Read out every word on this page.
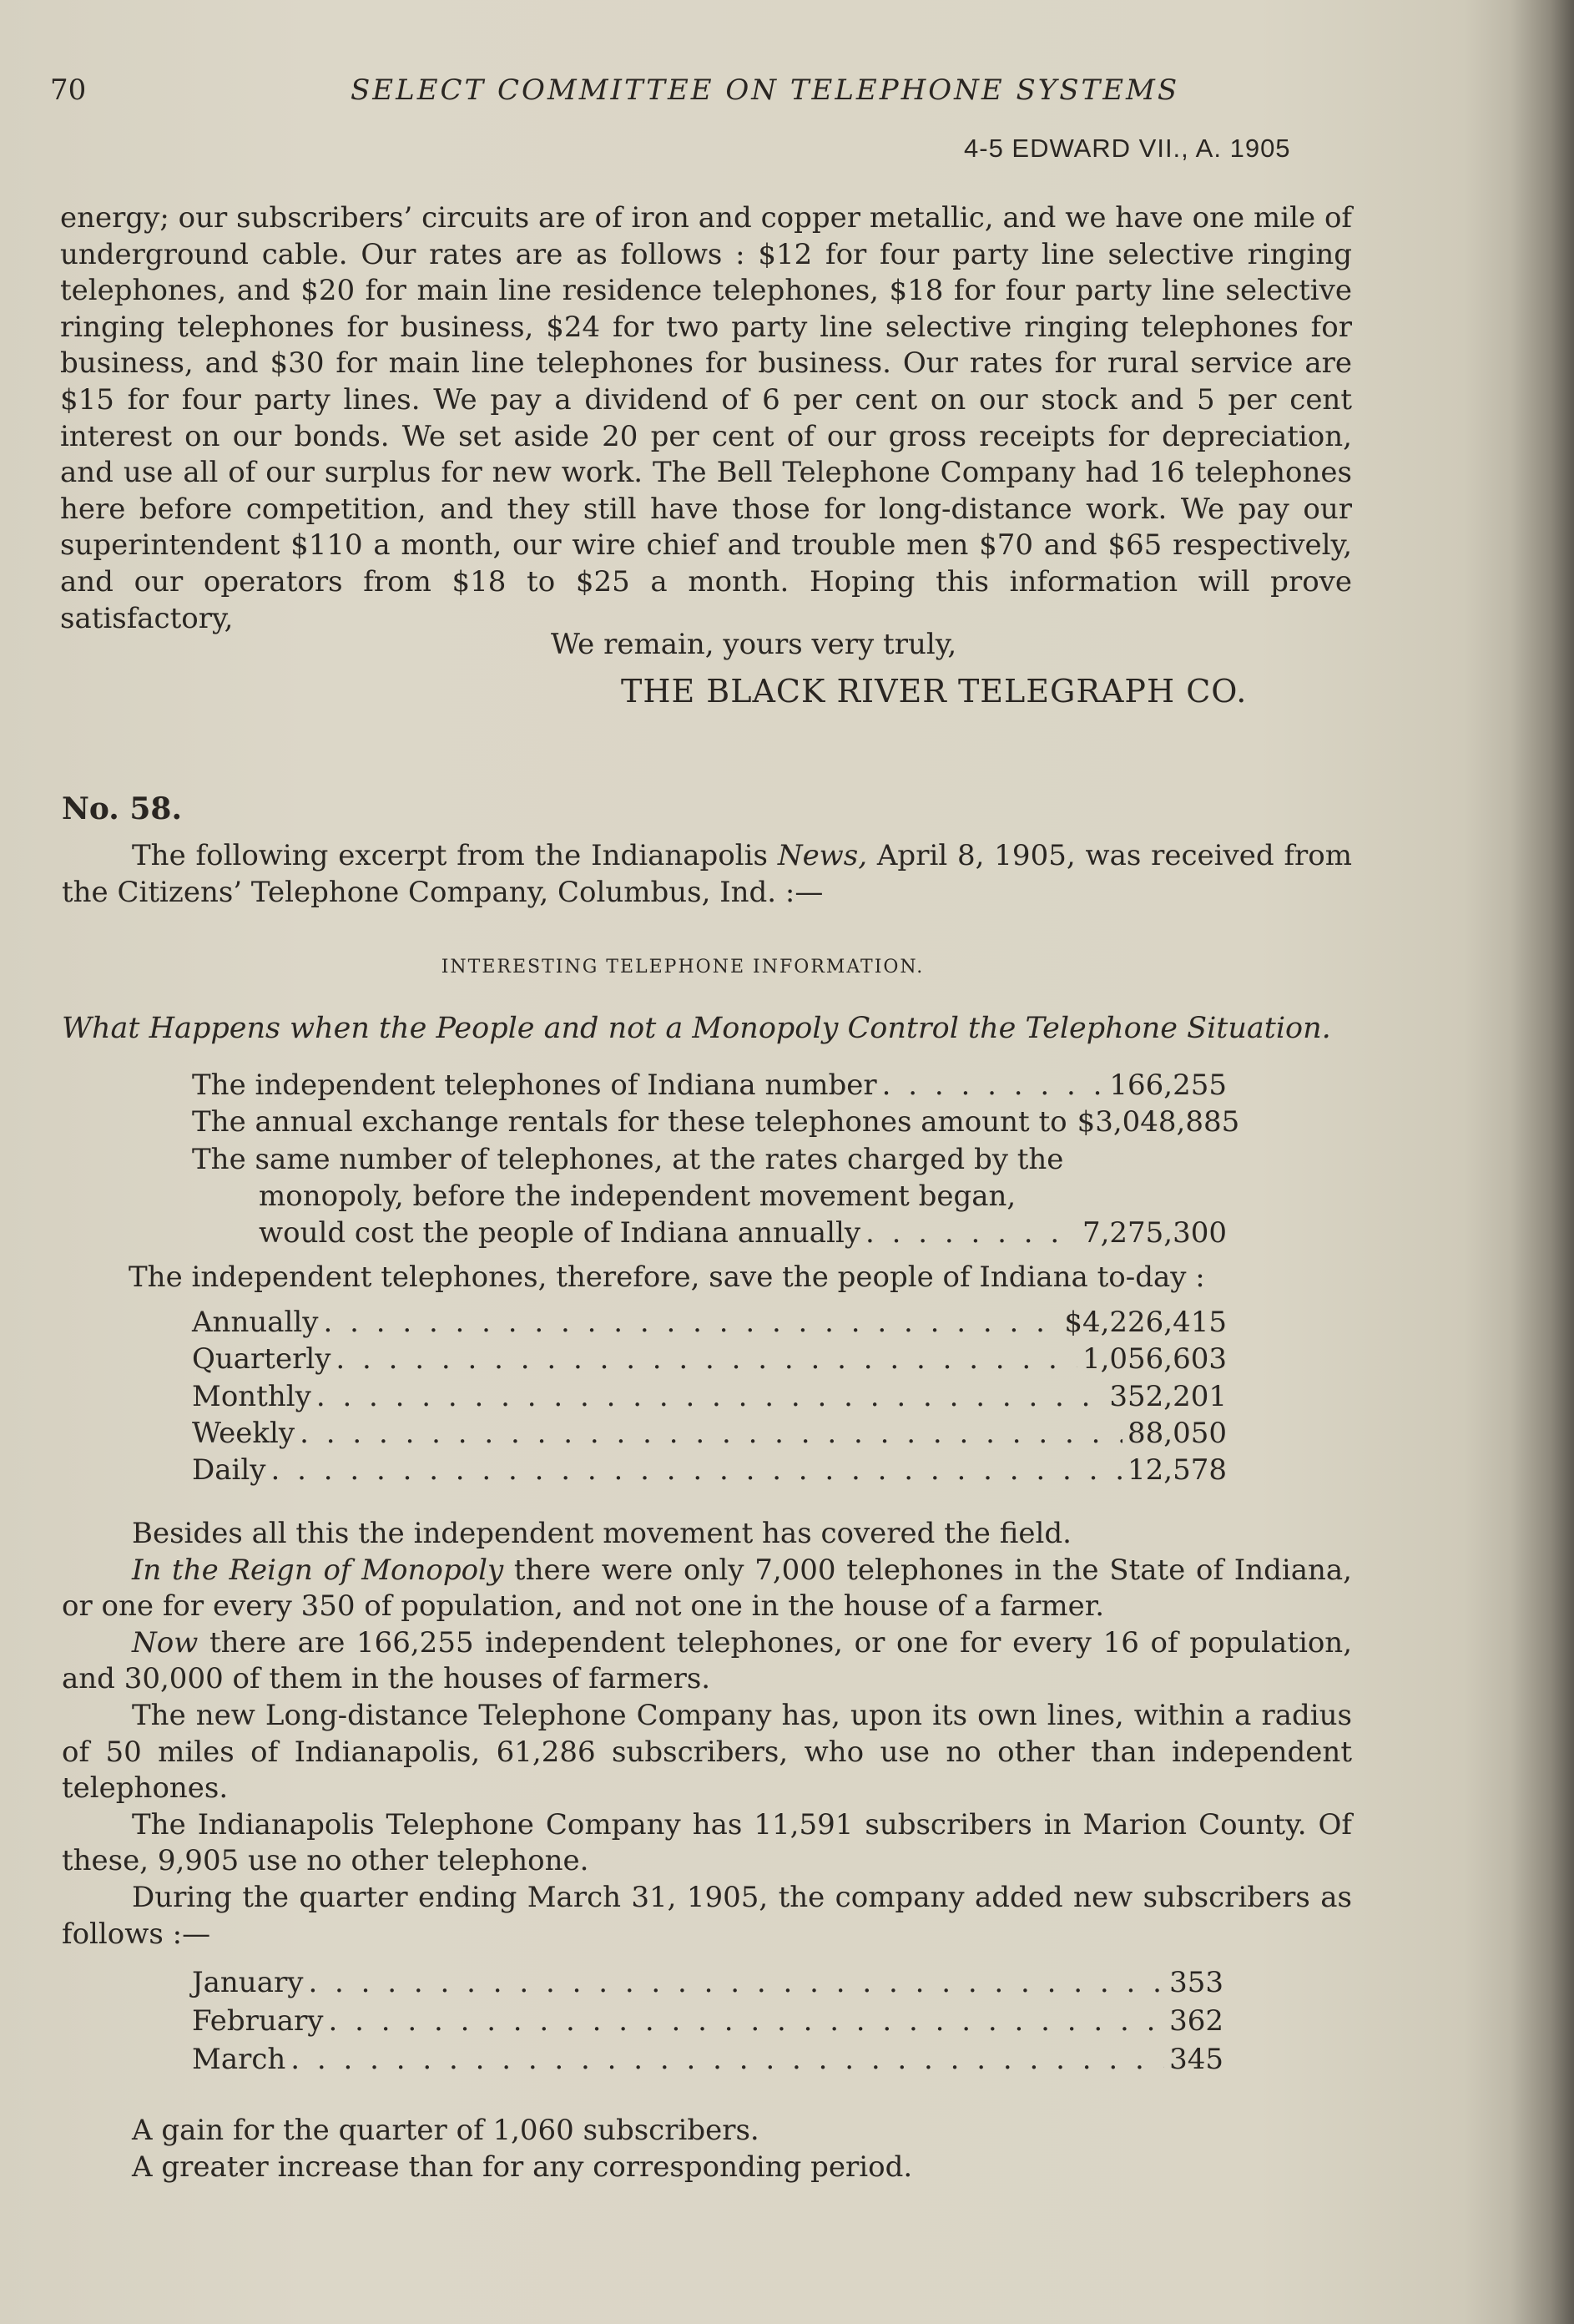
70	SELECT COMMITTEE ON TELEPHONE SYSTEMS
4-5 EDWARD VII., A. 1905

energy; our subscribers’ circuits are of iron and copper metallic, and we have one mile of underground cable. Our rates are as follows : $12 for four party line selective ringing telephones, and $20 for main line residence telephones, $18 for four party line selective ringing telephones for business, $24 for two party line selective ringing telephones for business, and $30 for main line telephones for business. Our rates for rural service are $15 for four party lines. We pay a dividend of 6 per cent on our stock and 5 per cent interest on our bonds. We set aside 20 per cent of our gross receipts for depreciation, and use all of our surplus for new work. The Bell Telephone Company had 16 telephones here before competition, and they still have those for long-distance work. We pay our superintendent $110 a month, our wire chief and trouble men $70 and $65 respectively, and our operators from $18 to $25 a month. Hoping this information will prove satisfactory,

We remain, yours very truly,
THE BLACK RIVER TELEGRAPH CO.
No. 58.
The following excerpt from the Indianapolis News, April 8, 1905, was received from the Citizens’ Telephone Company, Columbus, Ind. :—
INTERESTING TELEPHONE INFORMATION.
What Happens when the People and not a Monopoly Control the Telephone Situation.
The independent telephones of Indiana number . . .	166,255
The annual exchange rentals for these telephones amount to $3,048,885
The same number of telephones, at the rates charged by the
monopoly, before the independent movement began,
would cost the people of Indiana annually . . .	7,275,300
The independent telephones, therefore, save the people of Indiana to-day :
Annually . . .	$4,226,415
Quarterly . . .	1,056,603
Monthly . . .	352,201
Weekly . . .	88,050
Daily . . .	12,578

Besides all this the independent movement has covered the field.

In the Reign of Monopoly there were only 7,000 telephones in the State of Indiana, or one for every 350 of population, and not one in the house of a farmer.

Now there are 166,255 independent telephones, or one for every 16 of population, and 30,000 of them in the houses of farmers.

The new Long-distance Telephone Company has, upon its own lines, within a radius of 50 miles of Indianapolis, 61,286 subscribers, who use no other than independent telephones.

The Indianapolis Telephone Company has 11,591 subscribers in Marion County. Of these, 9,905 use no other telephone.

During the quarter ending March 31, 1905, the company added new subscribers as follows :—

January . . .	353
February . . .	362
March . . .	345

A gain for the quarter of 1,060 subscribers.

A greater increase than for any corresponding period.
